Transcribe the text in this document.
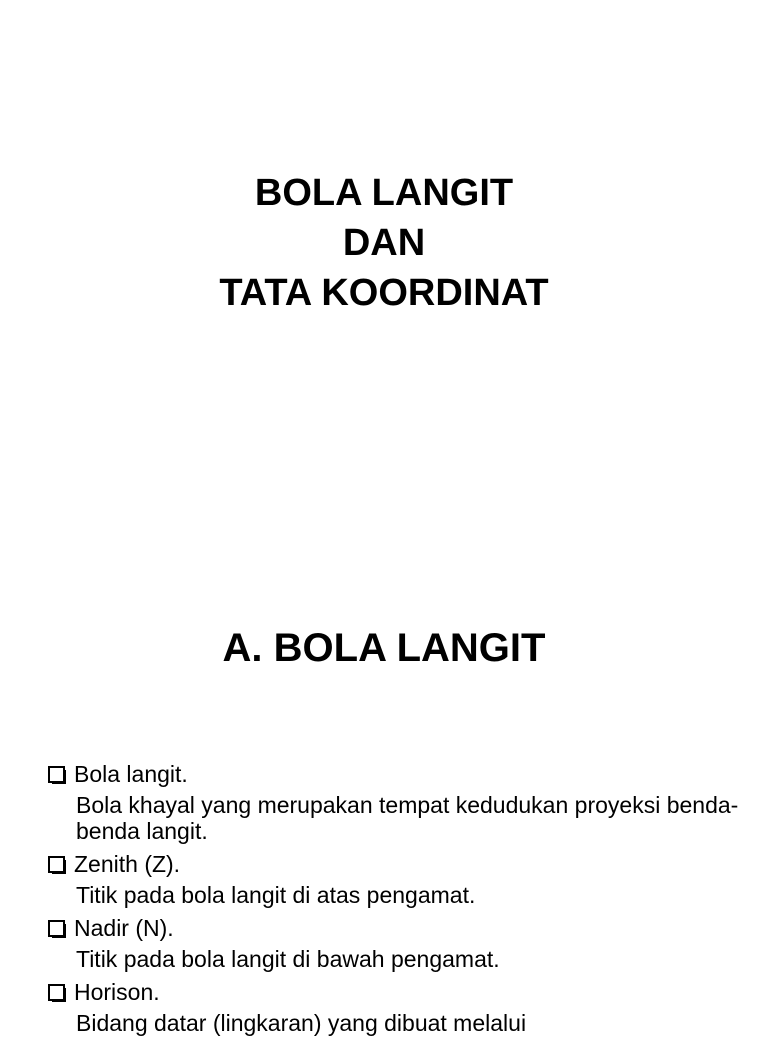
BOLA LANGIT
DAN
TATA KOORDINAT
A. BOLA LANGIT
Bola langit.
Bola khayal yang merupakan tempat kedudukan proyeksi benda-benda langit.
Zenith (Z).
Titik pada bola langit di atas pengamat.
Nadir (N).
Titik pada bola langit di bawah pengamat.
Horison.
Bidang datar (lingkaran) yang dibuat melalui
